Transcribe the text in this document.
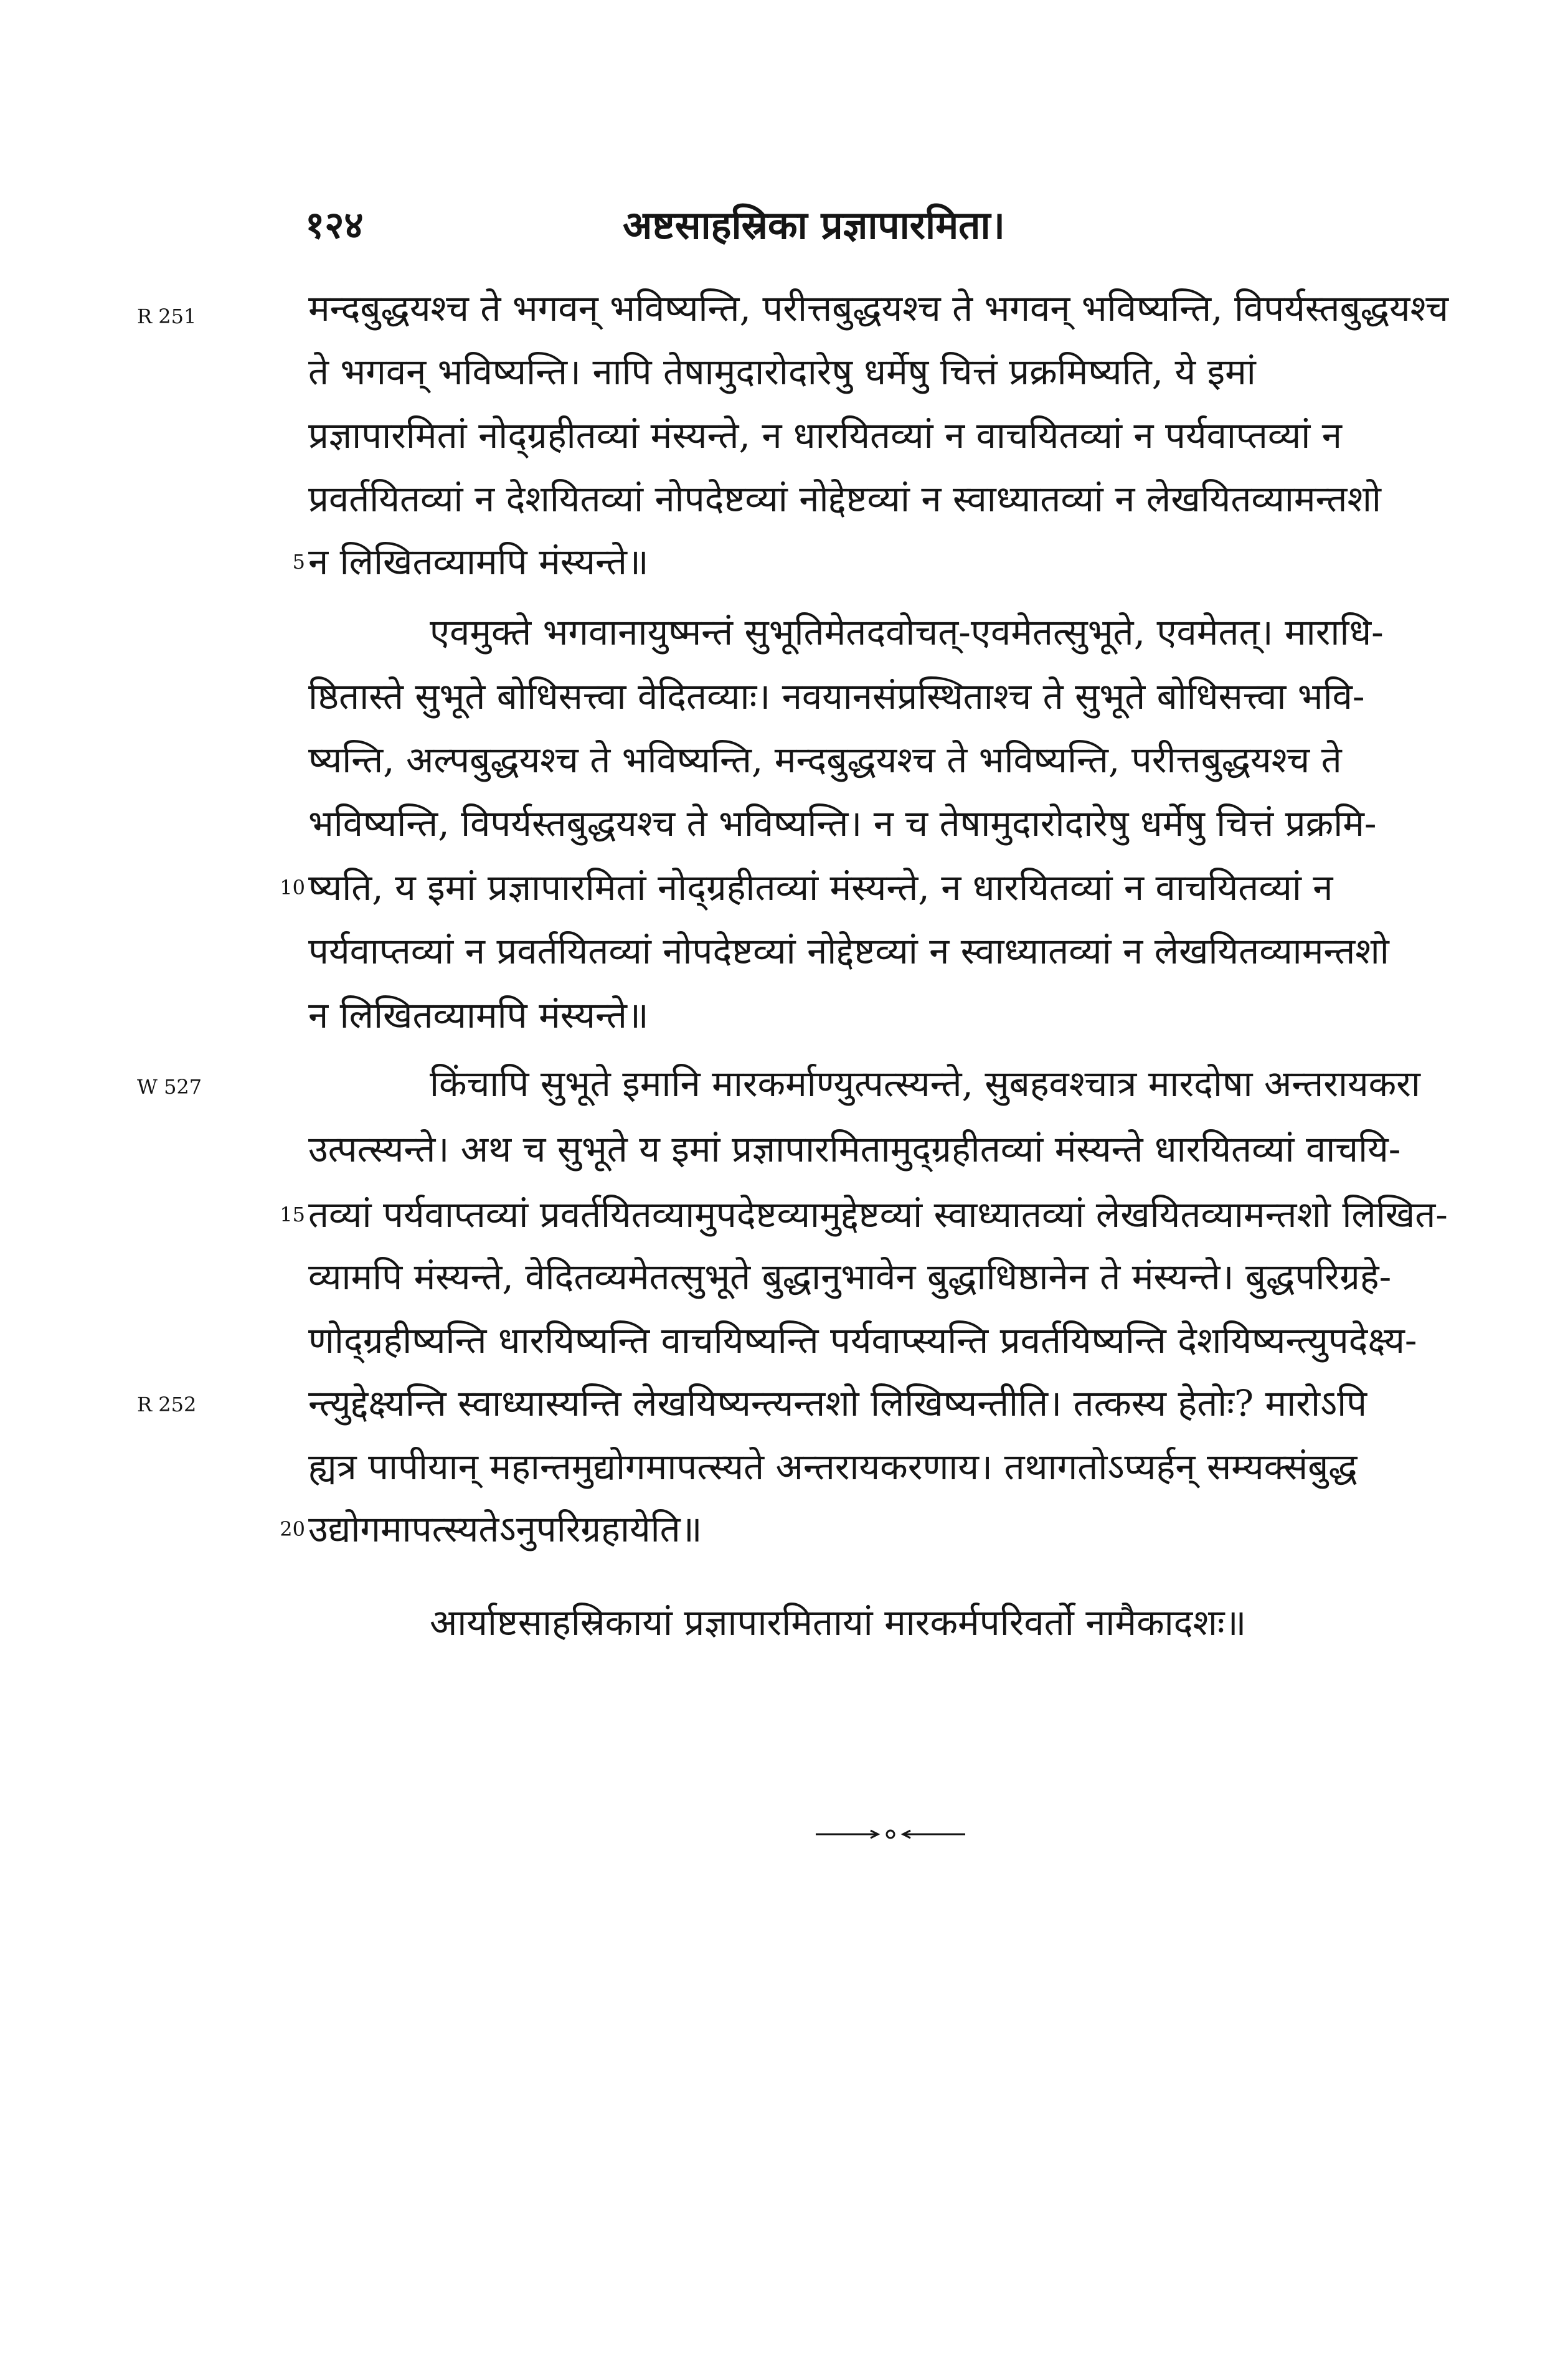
१२४	अष्टसाहस्रिका प्रज्ञापारमिता।
R 251
W 527
R 252
5
10
15
20
मन्दबुद्धयश्च ते भगवन् भविष्यन्ति, परीत्तबुद्धयश्च ते भगवन् भविष्यन्ति, विपर्यस्तबुद्धयश्च
ते भगवन् भविष्यन्ति। नापि तेषामुदारोदारेषु धर्मेषु चित्तं प्रक्रमिष्यति, ये इमां
प्रज्ञापारमितां नोद्ग्रहीतव्यां मंस्यन्ते, न धारयितव्यां न वाचयितव्यां न पर्यवाप्तव्यां न
प्रवर्तयितव्यां न देशयितव्यां नोपदेष्टव्यां नोद्देष्टव्यां न स्वाध्यातव्यां न लेखयितव्यामन्तशो
न लिखितव्यामपि मंस्यन्ते॥
एवमुक्ते भगवानायुष्मन्तं सुभूतिमेतदवोचत्-एवमेतत्सुभूते, एवमेतत्। माराधि-
ष्ठितास्ते सुभूते बोधिसत्त्वा वेदितव्याः। नवयानसंप्रस्थिताश्च ते सुभूते बोधिसत्त्वा भवि-
ष्यन्ति, अल्पबुद्धयश्च ते भविष्यन्ति, मन्दबुद्धयश्च ते भविष्यन्ति, परीत्तबुद्धयश्च ते
भविष्यन्ति, विपर्यस्तबुद्धयश्च ते भविष्यन्ति। न च तेषामुदारोदारेषु धर्मेषु चित्तं प्रक्रमि-
ष्यति, य इमां प्रज्ञापारमितां नोद्ग्रहीतव्यां मंस्यन्ते, न धारयितव्यां न वाचयितव्यां न
पर्यवाप्तव्यां न प्रवर्तयितव्यां नोपदेष्टव्यां नोद्देष्टव्यां न स्वाध्यातव्यां न लेखयितव्यामन्तशो
न लिखितव्यामपि मंस्यन्ते॥
किंचापि सुभूते इमानि मारकर्माण्युत्पत्स्यन्ते, सुबहवश्चात्र मारदोषा अन्तरायकरा
उत्पत्स्यन्ते। अथ च सुभूते य इमां प्रज्ञापारमितामुद्ग्रहीतव्यां मंस्यन्ते धारयितव्यां वाचयि-
तव्यां पर्यवाप्तव्यां प्रवर्तयितव्यामुपदेष्टव्यामुद्देष्टव्यां स्वाध्यातव्यां लेखयितव्यामन्तशो लिखित-
व्यामपि मंस्यन्ते, वेदितव्यमेतत्सुभूते बुद्धानुभावेन बुद्धाधिष्ठानेन ते मंस्यन्ते। बुद्धपरिग्रहे-
णोद्ग्रहीष्यन्ति धारयिष्यन्ति वाचयिष्यन्ति पर्यवाप्स्यन्ति प्रवर्तयिष्यन्ति देशयिष्यन्त्युपदेक्ष्य-
न्त्युद्देक्ष्यन्ति स्वाध्यास्यन्ति लेखयिष्यन्त्यन्तशो लिखिष्यन्तीति। तत्कस्य हेतोः? मारोऽपि
ह्यत्र पापीयान् महान्तमुद्योगमापत्स्यते अन्तरायकरणाय। तथागतोऽप्यर्हन् सम्यक्संबुद्ध
उद्योगमापत्स्यतेऽनुपरिग्रहायेति॥
आर्याष्टसाहस्रिकायां प्रज्ञापारमितायां मारकर्मपरिवर्तो नामैकादशः॥
